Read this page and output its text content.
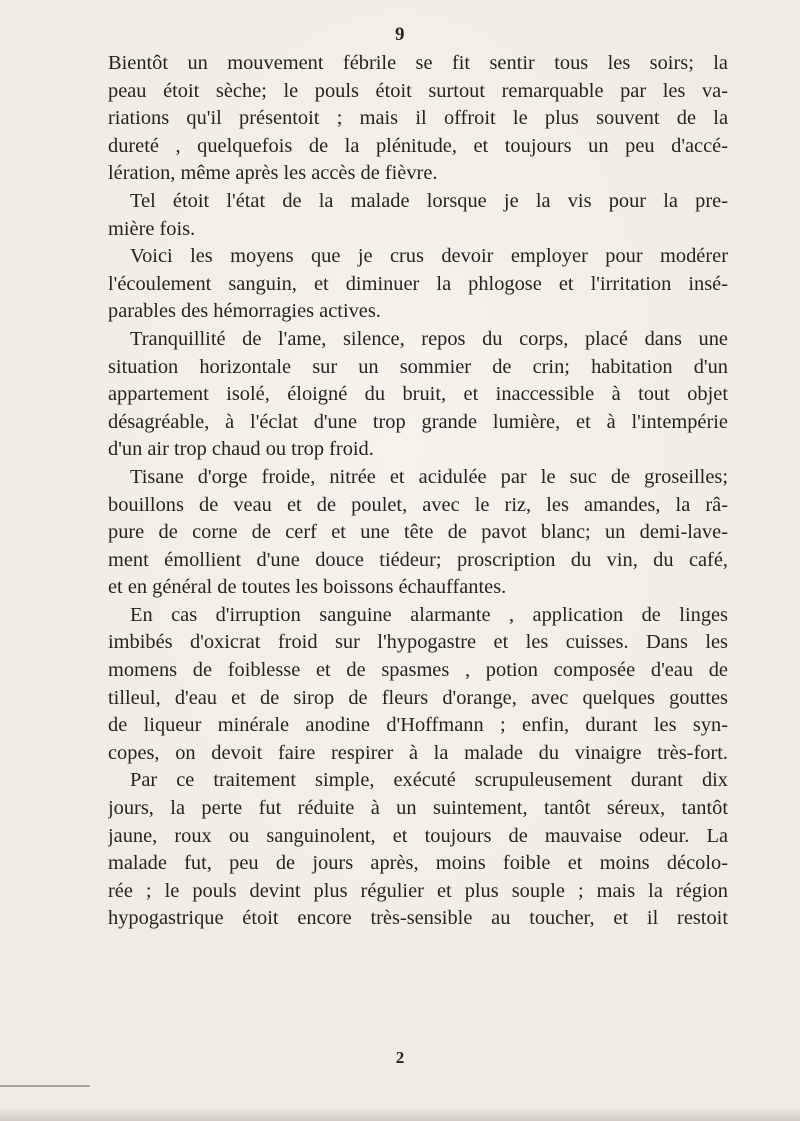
9
Bientôt un mouvement fébrile se fit sentir tous les soirs; la
peau étoit sèche; le pouls étoit surtout remarquable par les va-
riations qu'il présentoit ; mais il offroit le plus souvent de la
dureté , quelquefois de la plénitude, et toujours un peu d'accé-
lération, même après les accès de fièvre.
Tel étoit l'état de la malade lorsque je la vis pour la pre-
mière fois.
Voici les moyens que je crus devoir employer pour modérer
l'écoulement sanguin, et diminuer la phlogose et l'irritation insé-
parables des hémorragies actives.
Tranquillité de l'ame, silence, repos du corps, placé dans une
situation horizontale sur un sommier de crin; habitation d'un
appartement isolé, éloigné du bruit, et inaccessible à tout objet
désagréable, à l'éclat d'une trop grande lumière, et à l'intempérie
d'un air trop chaud ou trop froid.
Tisane d'orge froide, nitrée et acidulée par le suc de groseilles;
bouillons de veau et de poulet, avec le riz, les amandes, la râ-
pure de corne de cerf et une tête de pavot blanc; un demi-lave-
ment émollient d'une douce tiédeur; proscription du vin, du café,
et en général de toutes les boissons échauffantes.
En cas d'irruption sanguine alarmante , application de linges
imbibés d'oxicrat froid sur l'hypogastre et les cuisses. Dans les
momens de foiblesse et de spasmes , potion composée d'eau de
tilleul, d'eau et de sirop de fleurs d'orange, avec quelques gouttes
de liqueur minérale anodine d'Hoffmann ; enfin, durant les syn-
copes, on devoit faire respirer à la malade du vinaigre très-fort.
Par ce traitement simple, exécuté scrupuleusement durant dix
jours, la perte fut réduite à un suintement, tantôt séreux, tantôt
jaune, roux ou sanguinolent, et toujours de mauvaise odeur. La
malade fut, peu de jours après, moins foible et moins décolo-
rée ; le pouls devint plus régulier et plus souple ; mais la région
hypogastrique étoit encore très-sensible au toucher, et il restoit
2
